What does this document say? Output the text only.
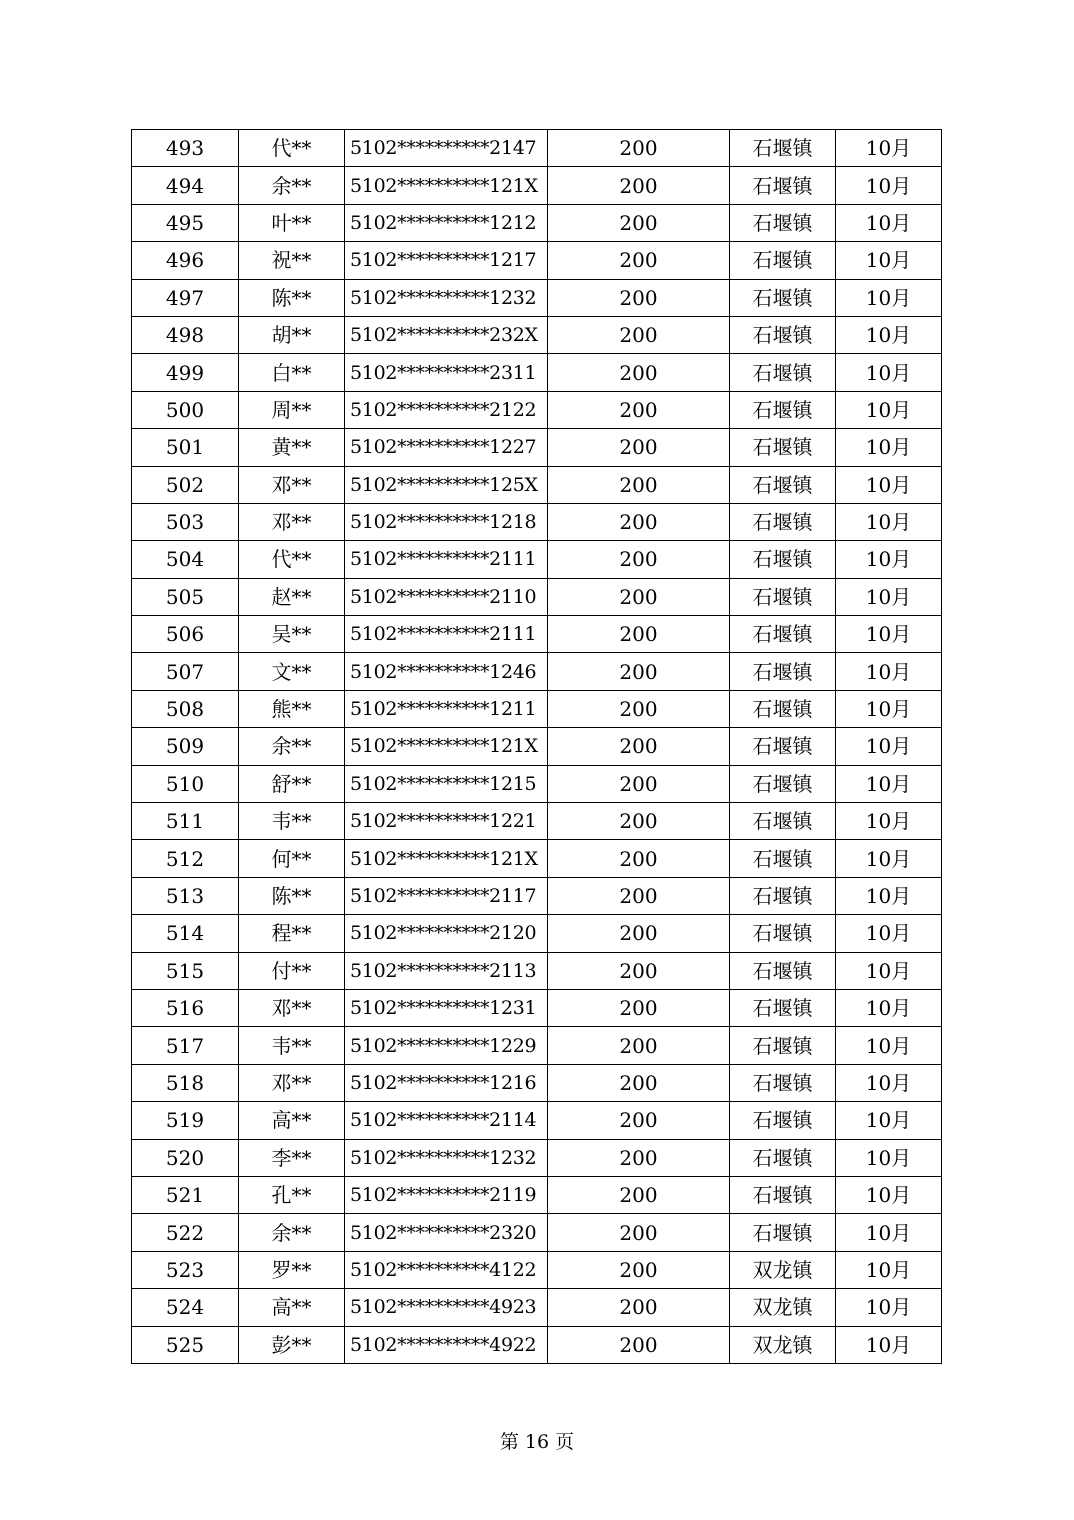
493	代**	5102**********2147	200	石堰镇	10月
494	余**	5102**********121X	200	石堰镇	10月
495	叶**	5102**********1212	200	石堰镇	10月
496	祝**	5102**********1217	200	石堰镇	10月
497	陈**	5102**********1232	200	石堰镇	10月
498	胡**	5102**********232X	200	石堰镇	10月
499	白**	5102**********2311	200	石堰镇	10月
500	周**	5102**********2122	200	石堰镇	10月
501	黄**	5102**********1227	200	石堰镇	10月
502	邓**	5102**********125X	200	石堰镇	10月
503	邓**	5102**********1218	200	石堰镇	10月
504	代**	5102**********2111	200	石堰镇	10月
505	赵**	5102**********2110	200	石堰镇	10月
506	吴**	5102**********2111	200	石堰镇	10月
507	文**	5102**********1246	200	石堰镇	10月
508	熊**	5102**********1211	200	石堰镇	10月
509	余**	5102**********121X	200	石堰镇	10月
510	舒**	5102**********1215	200	石堰镇	10月
511	韦**	5102**********1221	200	石堰镇	10月
512	何**	5102**********121X	200	石堰镇	10月
513	陈**	5102**********2117	200	石堰镇	10月
514	程**	5102**********2120	200	石堰镇	10月
515	付**	5102**********2113	200	石堰镇	10月
516	邓**	5102**********1231	200	石堰镇	10月
517	韦**	5102**********1229	200	石堰镇	10月
518	邓**	5102**********1216	200	石堰镇	10月
519	高**	5102**********2114	200	石堰镇	10月
520	李**	5102**********1232	200	石堰镇	10月
521	孔**	5102**********2119	200	石堰镇	10月
522	余**	5102**********2320	200	石堰镇	10月
523	罗**	5102**********4122	200	双龙镇	10月
524	高**	5102**********4923	200	双龙镇	10月
525	彭**	5102**********4922	200	双龙镇	10月
第 16 页
